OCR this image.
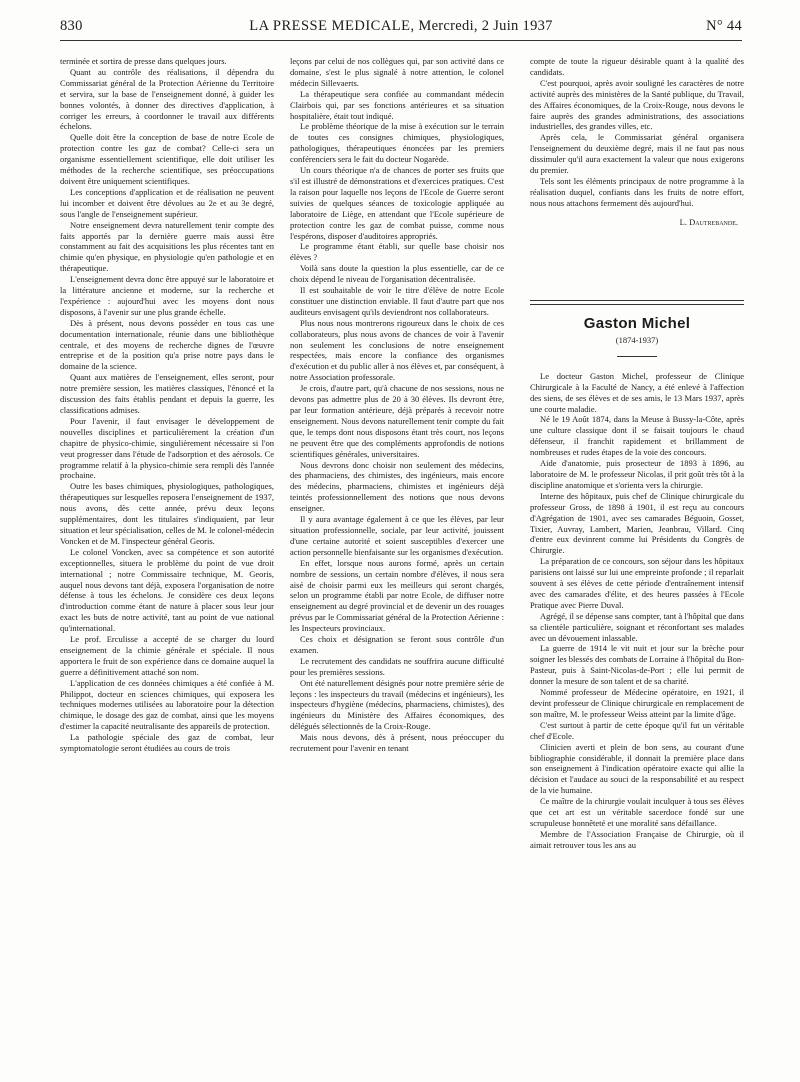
830	LA PRESSE MEDICALE, Mercredi, 2 Juin 1937	N° 44

terminée et sortira de presse dans quelques jours.

Quant au contrôle des réalisations, il dépendra du Commissariat général de la Protection Aérienne du Territoire et servira, sur la base de l'enseignement donné, à guider les bonnes volontés, à donner des directives d'application, à corriger les erreurs, à coordonner le travail aux différents échelons.

Quelle doit être la conception de base de notre Ecole de protection contre les gaz de combat? Celle-ci sera un organisme essentiellement scientifique, elle doit utiliser les méthodes de la recherche scientifique, ses préoccupations doivent être uniquement scientifiques.

Les conceptions d'application et de réalisation ne peuvent lui incomber et doivent être dévolues au 2e et au 3e degré, sous l'angle de l'enseignement supérieur.

Notre enseignement devra naturellement tenir compte des faits apportés par la dernière guerre mais aussi être constamment au fait des acquisitions les plus récentes tant en chimie qu'en physique, en physiologie qu'en pathologie et en thérapeutique.

L'enseignement devra donc être appuyé sur le laboratoire et la littérature ancienne et moderne, sur la recherche et l'expérience : aujourd'hui avec les moyens dont nous disposons, à l'avenir sur une plus grande échelle.

Dès à présent, nous devons posséder en tous cas une documentation internationale, réunie dans une bibliothèque centrale, et des moyens de recherche dignes de l'œuvre entreprise et de la position qu'a prise notre pays dans le domaine de la science.

Quant aux matières de l'enseignement, elles seront, pour notre première session, les matières classiques, l'énoncé et la discussion des faits établis pendant et depuis la guerre, les classifications admises.

Pour l'avenir, il faut envisager le développement de nouvelles disciplines et particulièrement la création d'un chapitre de physico-chimie, singulièrement nécessaire si l'on veut progresser dans l'étude de l'adsorption et des aérosols. Ce programme relatif à la physico-chimie sera rempli dès l'année prochaine.

Outre les bases chimiques, physiologiques, pathologiques, thérapeutiques sur lesquelles reposera l'enseignement de 1937, nous avons, dès cette année, prévu deux leçons supplémentaires, dont les titulaires s'indiquaient, par leur situation et leur spécialisation, celles de M. le colonel-médecin Voncken et de M. l'inspecteur général Georis.

Le colonel Voncken, avec sa compétence et son autorité exceptionnelles, situera le problème du point de vue droit international ; notre Commissaire technique, M. Georis, auquel nous devons tant déjà, exposera l'organisation de notre défense à tous les échelons. Je considère ces deux leçons d'introduction comme étant de nature à placer sous leur jour exact les buts de notre activité, tant au point de vue national qu'international.

Le prof. Erculisse a accepté de se charger du lourd enseignement de la chimie générale et spéciale. Il nous apportera le fruit de son expérience dans ce domaine auquel la guerre a définitivement attaché son nom.

L'application de ces données chimiques a été confiée à M. Philippot, docteur en sciences chimiques, qui exposera les techniques modernes utilisées au laboratoire pour la détection chimique, le dosage des gaz de combat, ainsi que les moyens d'estimer la capacité neutralisante des appareils de protection.

La pathologie spéciale des gaz de combat, leur symptomatologie seront étudiées au cours de trois

leçons par celui de nos collègues qui, par son activité dans ce domaine, s'est le plus signalé à notre attention, le colonel médecin Sillevaerts.

La thérapeutique sera confiée au commandant médecin Clairbois qui, par ses fonctions antérieures et sa situation hospitalière, était tout indiqué.

Le problème théorique de la mise à exécution sur le terrain de toutes ces consignes chimiques, physiologiques, pathologiques, thérapeutiques énoncées par les premiers conférenciers sera le fait du docteur Nogarède.

Un cours théorique n'a de chances de porter ses fruits que s'il est illustré de démonstrations et d'exercices pratiques. C'est la raison pour laquelle nos leçons de l'Ecole de Guerre seront suivies de quelques séances de toxicologie appliquée au laboratoire de Liège, en attendant que l'Ecole supérieure de protection contre les gaz de combat puisse, comme nous l'espérons, disposer d'auditoires appropriés.

Le programme étant établi, sur quelle base choisir nos élèves ?

Voilà sans doute la question la plus essentielle, car de ce choix dépend le niveau de l'organisation décentralisée.

Il est souhaitable de voir le titre d'élève de notre Ecole constituer une distinction enviable. Il faut d'autre part que nos auditeurs envisagent qu'ils deviendront nos collaborateurs.

Plus nous nous montrerons rigoureux dans le choix de ces collaborateurs, plus nous avons de chances de voir à l'avenir non seulement les conclusions de notre enseignement respectées, mais encore la confiance des organismes d'exécution et du public aller à nos élèves et, par conséquent, à notre Association professorale.

Je crois, d'autre part, qu'à chacune de nos sessions, nous ne devons pas admettre plus de 20 à 30 élèves. Ils devront être, par leur formation antérieure, déjà préparés à recevoir notre enseignement. Nous devons naturellement tenir compte du fait que, le temps dont nous disposons étant très court, nos leçons ne peuvent être que des compléments approfondis de notions scientifiques générales, universitaires.

Nous devrons donc choisir non seulement des médecins, des pharmaciens, des chimistes, des ingénieurs, mais encore des médecins, pharmaciens, chimistes et ingénieurs déjà teintés professionnellement des notions que nous devons enseigner.

Il y aura avantage également à ce que les élèves, par leur situation professionnelle, sociale, par leur activité, jouissent d'une certaine autorité et soient susceptibles d'exercer une action personnelle bienfaisante sur les organismes d'exécution.

En effet, lorsque nous aurons formé, après un certain nombre de sessions, un certain nombre d'élèves, il nous sera aisé de choisir parmi eux les meilleurs qui seront chargés, selon un programme établi par notre Ecole, de diffuser notre enseignement au degré provincial et de devenir un des rouages prévus par le Commissariat général de la Protection Aérienne : les Inspecteurs provinciaux.

Ces choix et désignation se feront sous contrôle d'un examen.

Le recrutement des candidats ne souffrira aucune difficulté pour les premières sessions.

Ont été naturellement désignés pour notre première série de leçons : les inspecteurs du travail (médecins et ingénieurs), les inspecteurs d'hygiène (médecins, pharmaciens, chimistes), des ingénieurs du Ministère des Affaires économiques, des délégués sélectionnés de la Croix-Rouge.

Mais nous devons, dès à présent, nous préoccuper du recrutement pour l'avenir en tenant

compte de toute la rigueur désirable quant à la qualité des candidats.

C'est pourquoi, après avoir souligné les caractères de notre activité auprès des ministères de la Santé publique, du Travail, des Affaires économiques, de la Croix-Rouge, nous devons le faire auprès des grandes administrations, des associations industrielles, des grandes villes, etc.

Après cela, le Commissariat général organisera l'enseignement du deuxième degré, mais il ne faut pas nous dissimuler qu'il aura exactement la valeur que nous exigerons du premier.

Tels sont les éléments principaux de notre programme à la réalisation duquel, confiants dans les fruits de notre effort, nous nous attachons fermement dès aujourd'hui.

L. Dautrebande.
Gaston Michel
(1874-1937)

Le docteur Gaston Michel, professeur de Clinique Chirurgicale à la Faculté de Nancy, a été enlevé à l'affection des siens, de ses élèves et de ses amis, le 13 Mars 1937, après une courte maladie.

Né le 19 Août 1874, dans la Meuse à Bussy-la-Côte, après une culture classique dont il se faisait toujours le chaud défenseur, il franchit rapidement et brillamment de nombreuses et rudes étapes de la voie des concours.

Aide d'anatomie, puis prosecteur de 1893 à 1896, au laboratoire de M. le professeur Nicolas, il prit goût très tôt à la discipline anatomique et s'orienta vers la chirurgie.

Interne des hôpitaux, puis chef de Clinique chirurgicale du professeur Gross, de 1898 à 1901, il est reçu au concours d'Agrégation de 1901, avec ses camarades Béguoin, Gosset, Tixier, Auvray, Lambert, Marien, Jeanbrau, Villard. Cinq d'entre eux devinrent comme lui Présidents du Congrès de Chirurgie.

La préparation de ce concours, son séjour dans les hôpitaux parisiens ont laissé sur lui une empreinte profonde ; il reparlait souvent à ses élèves de cette période d'entraînement intensif avec des camarades d'élite, et des heures passées à l'Ecole Pratique avec Pierre Duval.

Agrégé, il se dépense sans compter, tant à l'hôpital que dans sa clientèle particulière, soignant et réconfortant ses malades avec un dévouement inlassable.

La guerre de 1914 le vit nuit et jour sur la brèche pour soigner les blessés des combats de Lorraine à l'hôpital du Bon-Pasteur, puis à Saint-Nicolas-de-Port ; elle lui permit de donner la mesure de son talent et de sa charité.

Nommé professeur de Médecine opératoire, en 1921, il devint professeur de Clinique chirurgicale en remplacement de son maître, M. le professeur Weiss atteint par la limite d'âge.

C'est surtout à partir de cette époque qu'il fut un véritable chef d'Ecole.

Clinicien averti et plein de bon sens, au courant d'une bibliographie considérable, il donnait la première place dans son enseignement à l'indication opératoire exacte qui allie la décision et l'audace au souci de la responsabilité et au respect de la vie humaine.

Ce maître de la chirurgie voulait inculquer à tous ses élèves que cet art est un véritable sacerdoce fondé sur une scrupuleuse honnêteté et une moralité sans défaillance.

Membre de l'Association Française de Chirurgie, où il aimait retrouver tous les ans au
